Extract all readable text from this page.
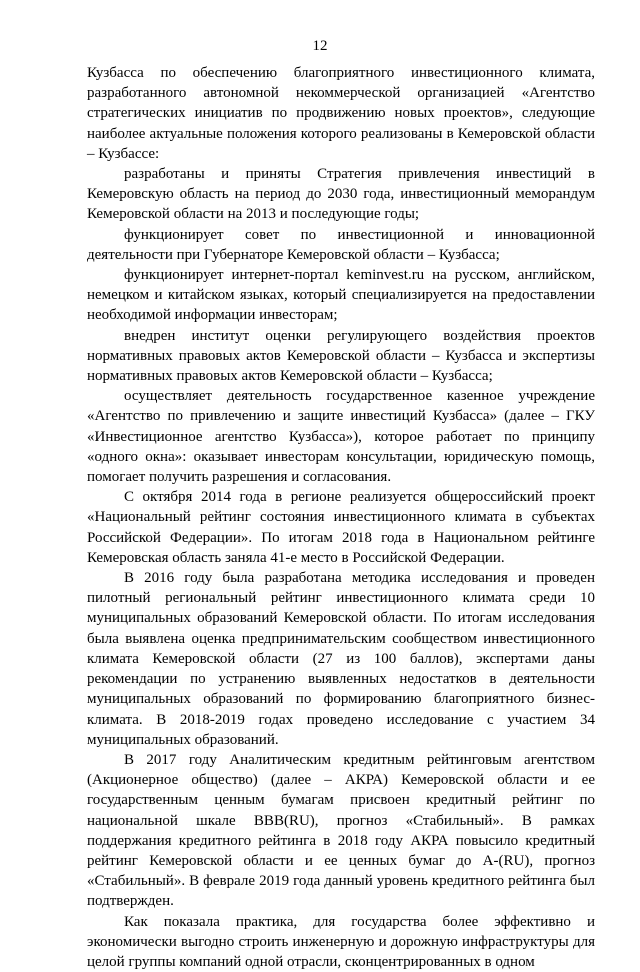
12

Кузбасса по обеспечению благоприятного инвестиционного климата, разработанного автономной некоммерческой организацией «Агентство стратегических инициатив по продвижению новых проектов», следующие наиболее актуальные положения которого реализованы в Кемеровской области – Кузбассе:

разработаны и приняты Стратегия привлечения инвестиций в Кемеровскую область на период до 2030 года, инвестиционный меморандум Кемеровской области на 2013 и последующие годы;

функционирует совет по инвестиционной и инновационной деятельности при Губернаторе Кемеровской области – Кузбасса;

функционирует интернет-портал keminvest.ru на русском, английском, немецком и китайском языках, который специализируется на предоставлении необходимой информации инвесторам;

внедрен институт оценки регулирующего воздействия проектов нормативных правовых актов Кемеровской области – Кузбасса и экспертизы нормативных правовых актов Кемеровской области – Кузбасса;

осуществляет деятельность государственное казенное учреждение «Агентство по привлечению и защите инвестиций Кузбасса» (далее – ГКУ «Инвестиционное агентство Кузбасса»), которое работает по принципу «одного окна»: оказывает инвесторам консультации, юридическую помощь, помогает получить разрешения и согласования.

С октября 2014 года в регионе реализуется общероссийский проект «Национальный рейтинг состояния инвестиционного климата в субъектах Российской Федерации». По итогам 2018 года в Национальном рейтинге Кемеровская область заняла 41-е место в Российской Федерации.

В 2016 году была разработана методика исследования и проведен пилотный региональный рейтинг инвестиционного климата среди 10 муниципальных образований Кемеровской области. По итогам исследования была выявлена оценка предпринимательским сообществом инвестиционного климата Кемеровской области (27 из 100 баллов), экспертами даны рекомендации по устранению выявленных недостатков в деятельности муниципальных образований по формированию благоприятного бизнес-климата. В 2018-2019 годах проведено исследование с участием 34 муниципальных образований.

В 2017 году Аналитическим кредитным рейтинговым агентством (Акционерное общество) (далее – АКРА) Кемеровской области и ее государственным ценным бумагам присвоен кредитный рейтинг по национальной шкале BBB(RU), прогноз «Стабильный». В рамках поддержания кредитного рейтинга в 2018 году АКРА повысило кредитный рейтинг Кемеровской области и ее ценных бумаг до A-(RU), прогноз «Стабильный». В феврале 2019 года данный уровень кредитного рейтинга был подтвержден.

Как показала практика, для государства более эффективно и экономически выгодно строить инженерную и дорожную инфраструктуры для целой группы компаний одной отрасли, сконцентрированных в одном
